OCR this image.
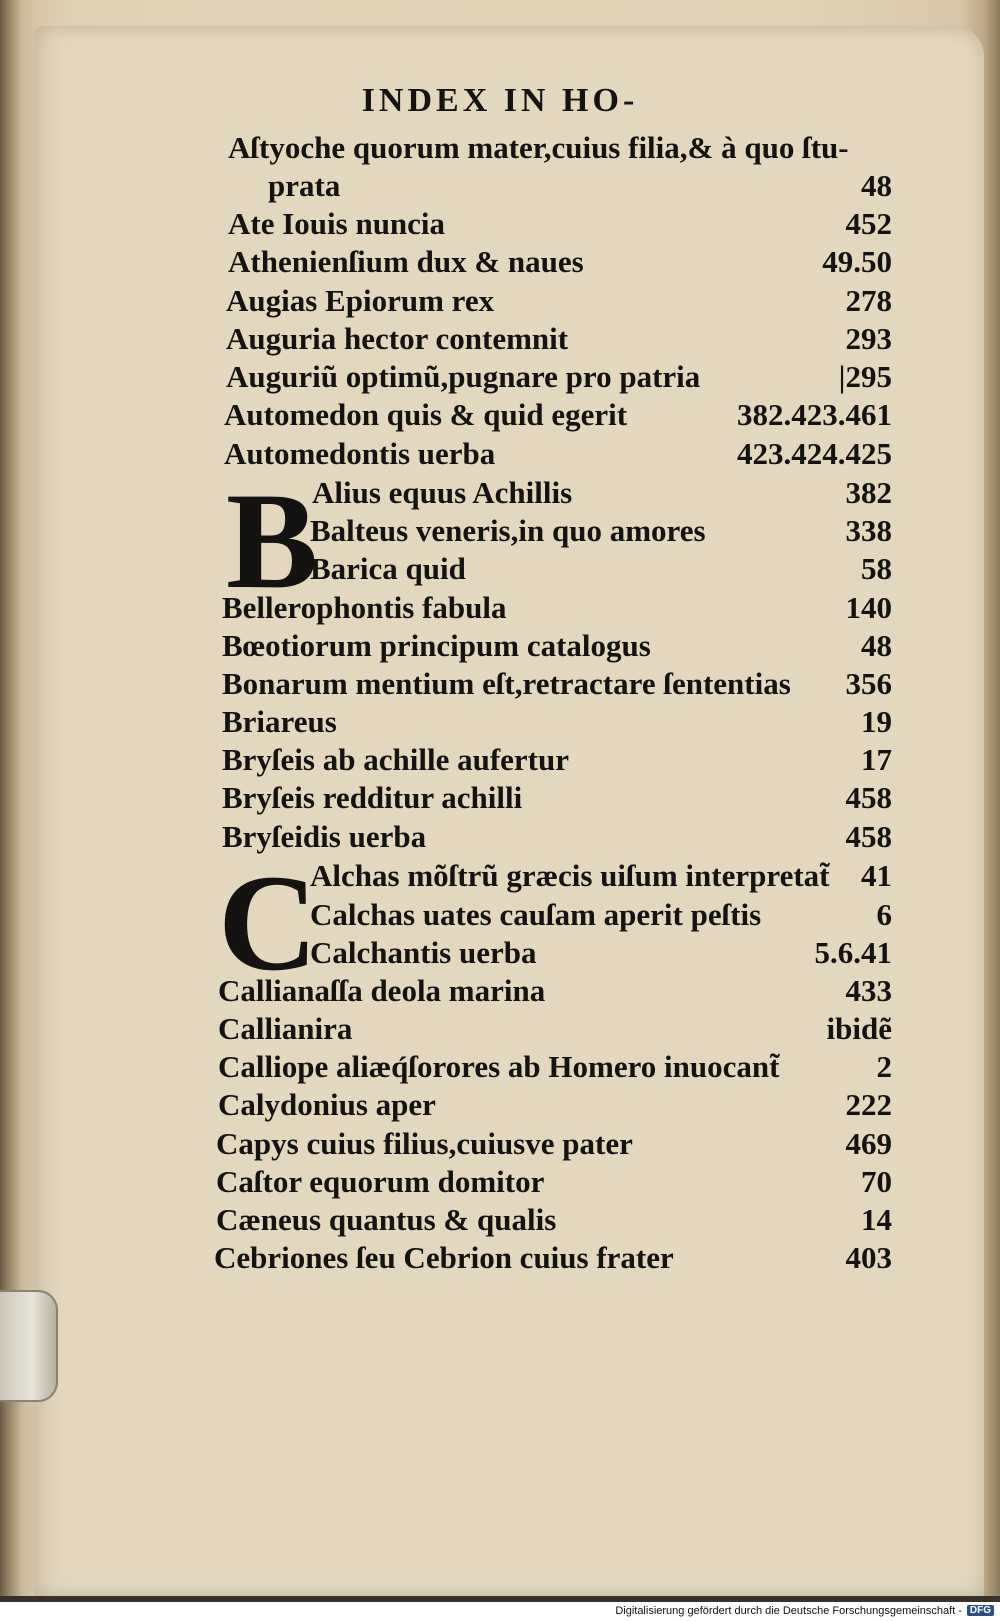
INDEX IN HO-
Aſtyoche quorum mater,cuius filia,& à quo ſtu-
prata	48
Ate Iouis nuncia	452
Athenienſium dux & naues	49.50
Augias Epiorum rex	278
Auguria hector contemnit	293
Auguriũ optimũ,pugnare pro patria	|295
Automedon quis & quid egerit	382.423.461
Automedontis uerba	423.424.425
B
Alius equus Achillis	382
Balteus veneris,in quo amores	338
Barica quid	58
Bellerophontis fabula	140
Bœotiorum principum catalogus	48
Bonarum mentium eſt,retractare ſententias 356
Briareus	19
Bryſeis ab achille aufertur	17
Bryſeis redditur achilli	458
Bryſeidis uerba	458
C
Alchas mõſtrũ græcis uiſum interpretat̃ 41
Calchas uates cauſam aperit peſtis	6
Calchantis uerba	5.6.41
Callianaſſa deola marina	433
Callianira	ibidẽ
Calliope aliæq́ſorores ab Homero inuocant̃	2
Calydonius aper	222
Capys cuius filius,cuiusve pater	469
Caſtor equorum domitor	70
Cæneus quantus & qualis	14
Cebriones ſeu Cebrion cuius frater	403
Digitalisierung gefördert durch die Deutsche Forschungsgemeinschaft - DFG
